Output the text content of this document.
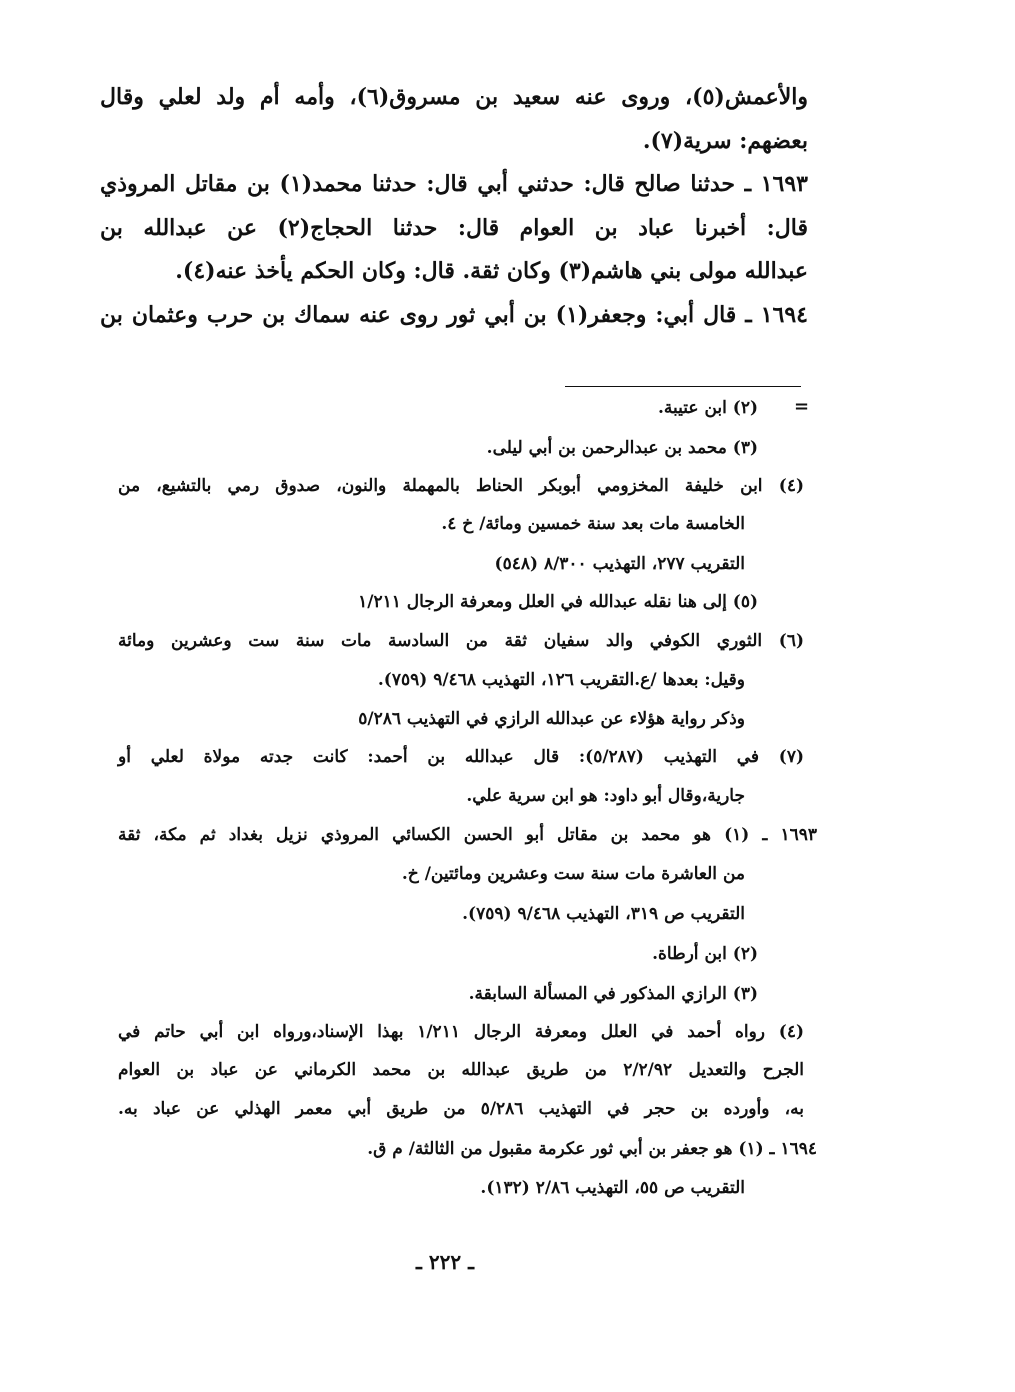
والأعمش(٥)، وروى عنه سعيد بن مسروق(٦)، وأمه أم ولد لعلي وقال

بعضهم: سرية(٧).

١٦٩٣ ـ حدثنا صالح قال: حدثني أبي قال: حدثنا محمد(١) بن مقاتل المروذي

قال: أخبرنا عباد بن العوام قال: حدثنا الحجاج(٢) عن عبدالله بن

عبدالله مولى بني هاشم(٣) وكان ثقة. قال: وكان الحكم يأخذ عنه(٤).

١٦٩٤ ـ قال أبي: وجعفر(١) بن أبي ثور روى عنه سماك بن حرب وعثمان بن

=

(٢) ابن عتيبة.

(٣) محمد بن عبدالرحمن بن أبي ليلى.

(٤) ابن خليفة المخزومي أبوبكر الحناط بالمهملة والنون، صدوق رمي بالتشيع، من

الخامسة مات بعد سنة خمسين ومائة/ خ ٤.

التقريب ٢٧٧، التهذيب ٨/٣٠٠ (٥٤٨)

(٥) إلى هنا نقله عبدالله في العلل ومعرفة الرجال ١/٢١١

(٦) الثوري الكوفي والد سفيان ثقة من السادسة مات سنة ست وعشرين ومائة

وقيل: بعدها /ع.التقريب ١٢٦، التهذيب ٩/٤٦٨ (٧٥٩).

وذكر رواية هؤلاء عن عبدالله الرازي في التهذيب ٥/٢٨٦

(٧) في التهذيب (٥/٢٨٧): قال عبدالله بن أحمد: كانت جدته مولاة لعلي أو

جارية،وقال أبو داود: هو ابن سرية علي.

١٦٩٣ ـ (١) هو محمد بن مقاتل أبو الحسن الكسائي المروذي نزيل بغداد ثم مكة، ثقة

من العاشرة مات سنة ست وعشرين ومائتين/ خ.

التقريب ص ٣١٩، التهذيب ٩/٤٦٨ (٧٥٩).

(٢) ابن أرطاة.

(٣) الرازي المذكور في المسألة السابقة.

(٤) رواه أحمد في العلل ومعرفة الرجال ١/٢١١ بهذا الإسناد،ورواه ابن أبي حاتم في

الجرح والتعديل ٢/٢/٩٢ من طريق عبدالله بن محمد الكرماني عن عباد بن العوام

به، وأورده بن حجر في التهذيب ٥/٢٨٦ من طريق أبي معمر الهذلي عن عباد به.

١٦٩٤ ـ (١) هو جعفر بن أبي ثور عكرمة مقبول من الثالثة/ م ق.

التقريب ص ٥٥، التهذيب ٢/٨٦ (١٣٢).

ـ ٢٢٢ ـ
